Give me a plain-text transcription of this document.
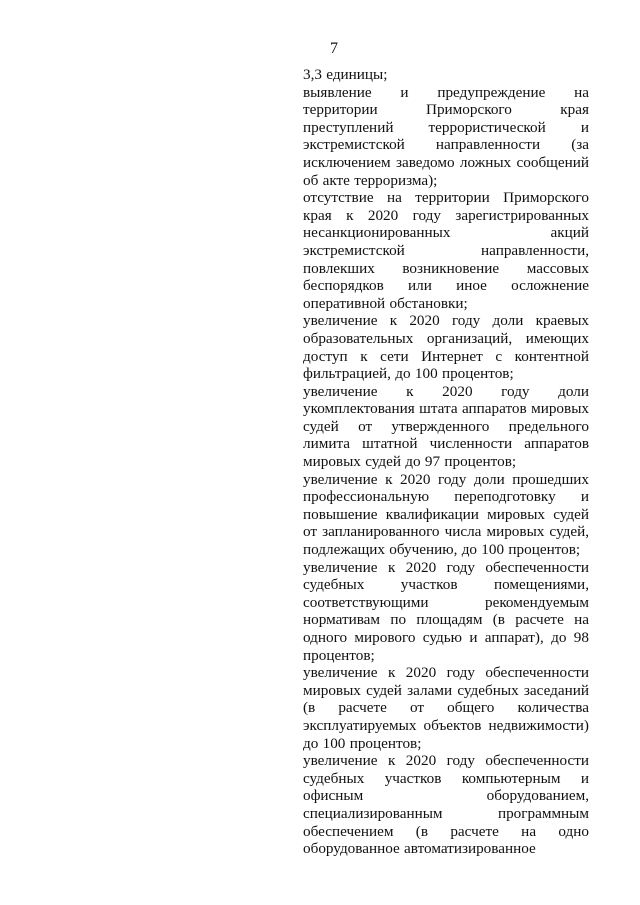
7

3,3 единицы;

выявление и предупреждение на территории Приморского края преступлений террористической и экстремистской направленности (за исключением заведомо ложных сообщений об акте терроризма);

отсутствие на территории Приморского края к 2020 году зарегистрированных несанкционированных акций экстремистской направленности, повлекших возникновение массовых беспорядков или иное осложнение оперативной обстановки;

увеличение к 2020 году доли краевых образовательных организаций, имеющих доступ к сети Интернет с контентной фильтрацией, до 100 процентов;

увеличение к 2020 году доли укомплектования штата аппаратов мировых судей от утвержденного предельного лимита штатной численности аппаратов мировых судей до 97 процентов;

увеличение к 2020 году доли прошедших профессиональную переподготовку и повышение квалификации мировых судей от запланированного числа мировых судей, подлежащих обучению, до 100 процентов;

увеличение к 2020 году обеспеченности судебных участков помещениями, соответствующими рекомендуемым нормативам по площадям (в расчете на одного мирового судью и аппарат), до 98 процентов;

увеличение к 2020 году обеспеченности мировых судей залами судебных заседаний (в расчете от общего количества эксплуатируемых объектов недвижимости) до 100 процентов;

увеличение к 2020 году обеспеченности судебных участков компьютерным и офисным оборудованием, специализированным программным обеспечением (в расчете на одно оборудованное автоматизированное
